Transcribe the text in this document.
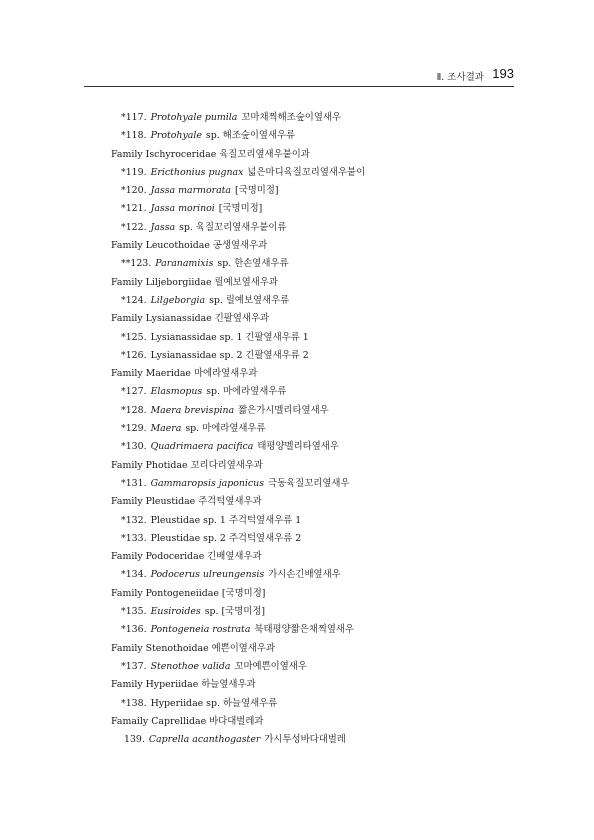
Ⅱ. 조사결과 193
*117. Protohyale pumila 꼬마채찍해조숲이옆새우
*118. Protohyale sp. 해조숲이옆새우류
Family Ischyroceridae 육질꼬리옆새우붙이과
*119. Ericthonius pugnax 넓은마디육질꼬리옆새우붙이
*120. Jassa marmorata [국명미정]
*121. Jassa morinoi [국명미정]
*122. Jassa sp. 육질꼬리옆새우붙이류
Family Leucothoidae 공생옆새우과
**123. Paranamixis sp. 한손옆새우류
Family Liljeborgiidae 릴예보옆새우과
*124. Lilgeborgia sp. 릴예보옆새우류
Family Lysianassidae 긴팔옆새우과
*125. Lysianassidae sp. 1 긴팔옆새우류 1
*126. Lysianassidae sp. 2 긴팔옆새우류 2
Family Maeridae 마에라옆새우과
*127. Elasmopus sp. 마에라옆새우류
*128. Maera brevispina 짧은가시멜리타옆새우
*129. Maera sp. 마에라옆새우류
*130. Quadrimaera pacifica 태평양멜리타옆새우
Family Photidae 꼬리다리옆새우과
*131. Gammaropsis japonicus 극동육질꼬리옆새우
Family Pleustidae 주걱턱옆새우과
*132. Pleustidae sp. 1 주걱턱옆새우류 1
*133. Pleustidae sp. 2 주걱턱옆새우류 2
Family Podoceridae 긴배옆새우과
*134. Podocerus ulreungensis 가시손긴배옆새우
Family Pontogeneiidae [국명미정]
*135. Eusiroides sp. [국명미정]
*136. Pontogeneia rostrata 북태평양짧은채찍옆새우
Family Stenothoidae 예쁜이옆새우과
*137. Stenothoe valida 꼬마예쁜이옆새우
Family Hyperiidae 하늘옆새우과
*138. Hyperiidae sp. 하늘옆새우류
Famaily Caprellidae 바다대벌레과
139. Caprella acanthogaster 가시투성바다대벌레
